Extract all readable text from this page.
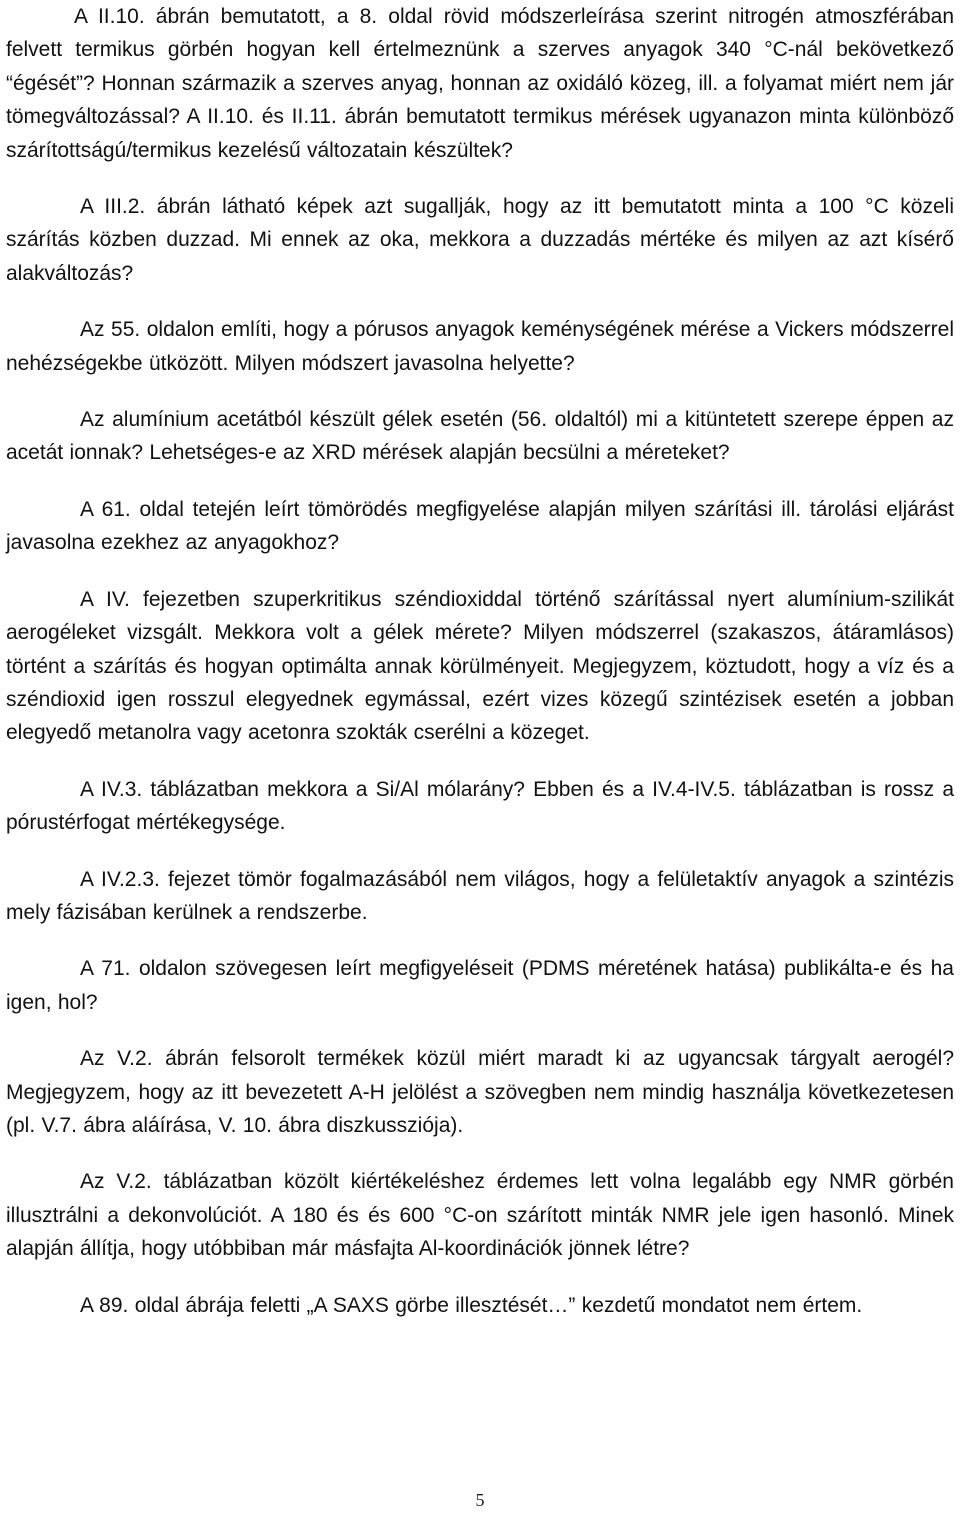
A II.10. ábrán bemutatott, a 8. oldal rövid módszerleírása szerint nitrogén atmoszférában felvett termikus görbén hogyan kell értelmeznünk a szerves anyagok 340 °C-nál bekövetkező “égését”? Honnan származik a szerves anyag, honnan az oxidáló közeg, ill. a folyamat miért nem jár tömegváltozással? A II.10. és II.11. ábrán bemutatott termikus mérések ugyanazon minta különböző szárítottságú/termikus kezelésű változatain készültek?

A III.2. ábrán látható képek azt sugallják, hogy az itt bemutatott minta a 100 °C közeli szárítás közben duzzad. Mi ennek az oka, mekkora a duzzadás mértéke és milyen az azt kísérő alakváltozás?

Az 55. oldalon említi, hogy a pórusos anyagok keménységének mérése a Vickers módszerrel nehézségekbe ütközött. Milyen módszert javasolna helyette?

Az alumínium acetátból készült gélek esetén (56. oldaltól) mi a kitüntetett szerepe éppen az acetát ionnak? Lehetséges-e az XRD mérések alapján becsülni a méreteket?

A 61. oldal tetején leírt tömörödés megfigyelése alapján milyen szárítási ill. tárolási eljárást javasolna ezekhez az anyagokhoz?

A IV. fejezetben szuperkritikus széndioxiddal történő szárítással nyert alumínium-szilikát aerogéleket vizsgált. Mekkora volt a gélek mérete? Milyen módszerrel (szakaszos, átáramlásos) történt a szárítás és hogyan optimálta annak körülményeit. Megjegyzem, köztudott, hogy a víz és a széndioxid igen rosszul elegyednek egymással, ezért vizes közegű szintézisek esetén a jobban elegyedő metanolra vagy acetonra szokták cserélni a közeget.

A IV.3. táblázatban mekkora a Si/Al mólarány? Ebben és a IV.4-IV.5. táblázatban is rossz a pórustérfogat mértékegysége.

A IV.2.3. fejezet tömör fogalmazásából nem világos, hogy a felületaktív anyagok a szintézis mely fázisában kerülnek a rendszerbe.

A 71. oldalon szövegesen leírt megfigyeléseit (PDMS méretének hatása) publikálta-e és ha igen, hol?

Az V.2. ábrán felsorolt termékek közül miért maradt ki az ugyancsak tárgyalt aerogél? Megjegyzem, hogy az itt bevezetett A-H jelölést a szövegben nem mindig használja következetesen (pl. V.7. ábra aláírása, V. 10. ábra diszkussziója).

Az V.2. táblázatban közölt kiértékeléshez érdemes lett volna legalább egy NMR görbén illusztrálni a dekonvolúciót. A 180 és és 600 °C-on szárított minták NMR jele igen hasonló. Minek alapján állítja, hogy utóbbiban már másfajta Al-koordinációk jönnek létre?

A 89. oldal ábrája feletti „A SAXS görbe illesztését…” kezdetű mondatot nem értem.

5
